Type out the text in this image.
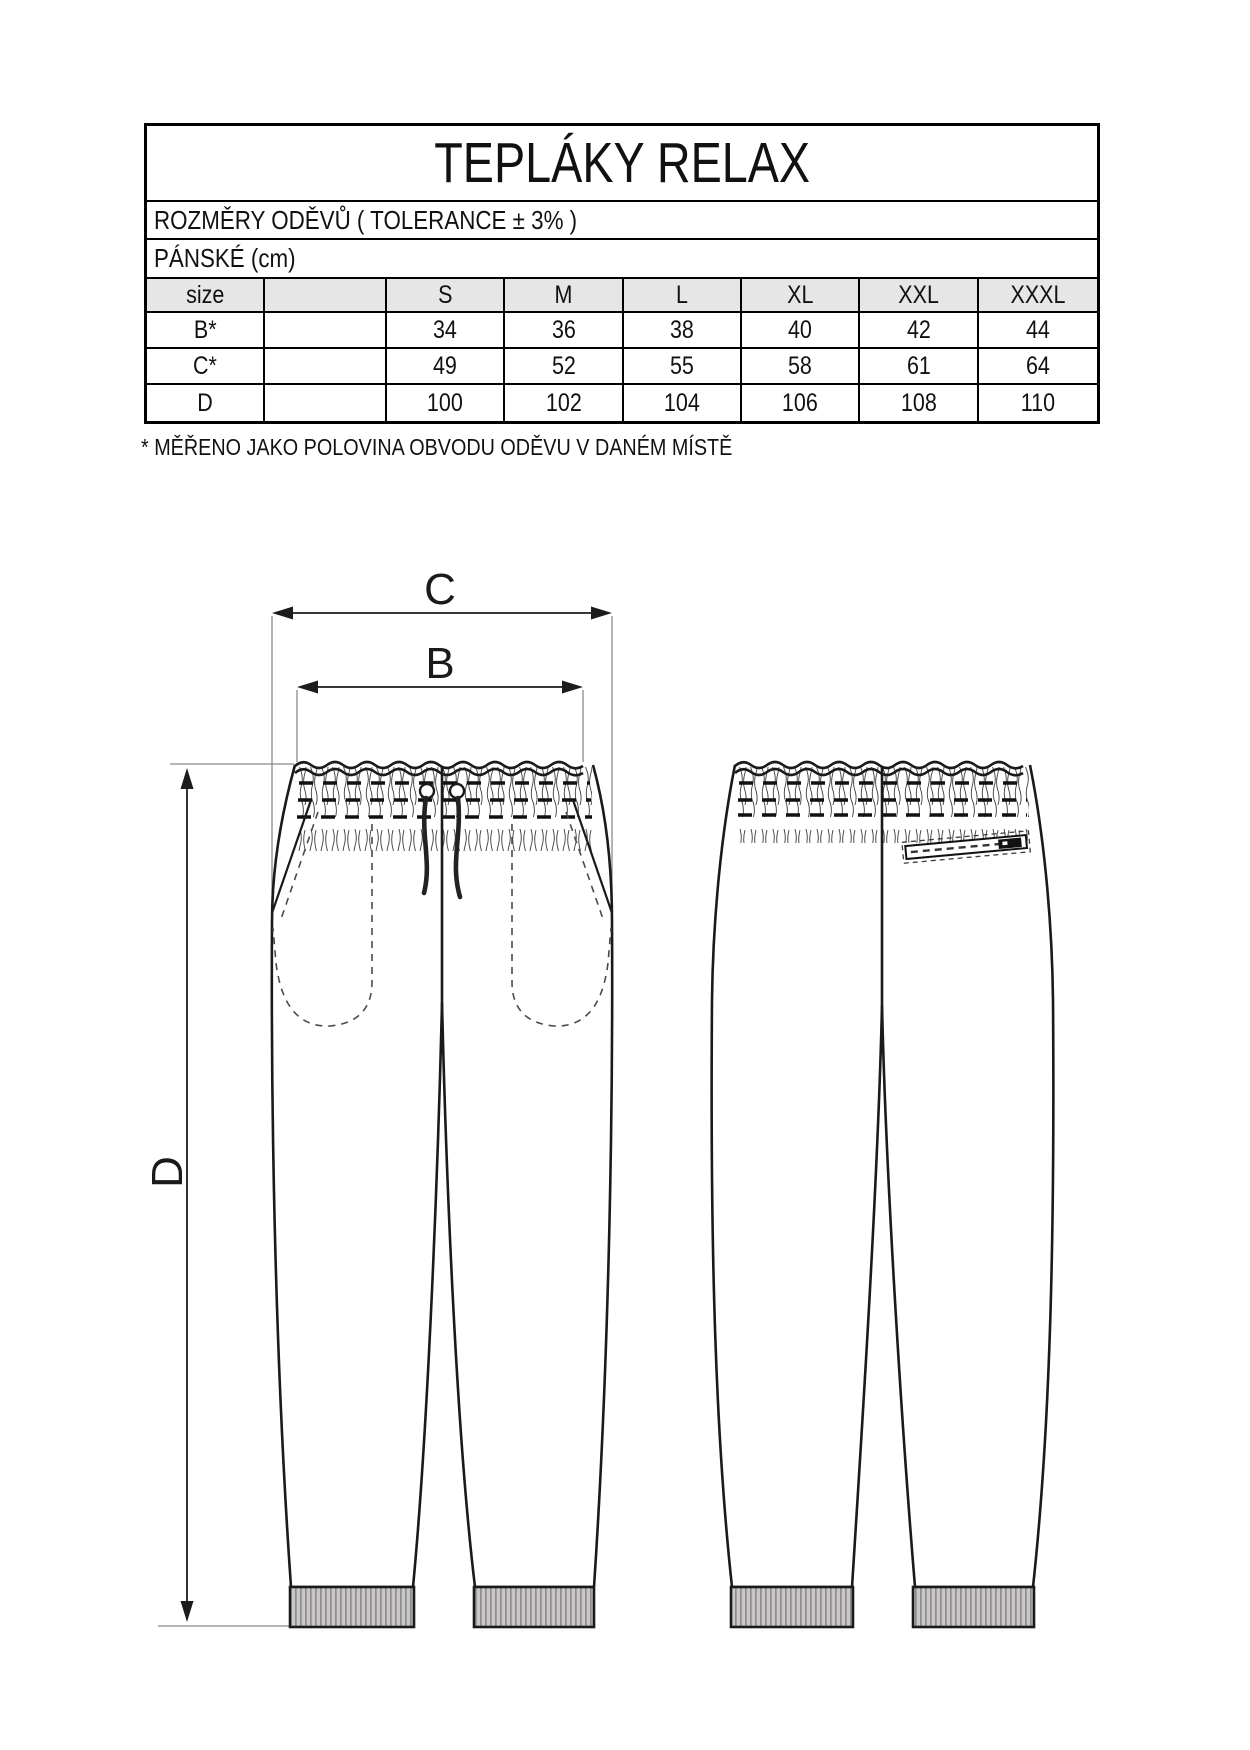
TEPLÁKY RELAX
ROZMĚRY ODĚVŮ ( TOLERANCE ± 3% )
PÁNSKÉ (cm)
size	S	M	L	XL	XXL	XXXL
B*	34	36	38	40	42	44
C*	49	52	55	58	61	64
D	100	102	104	106	108	110
* MĚŘENO JAKO POLOVINA OBVODU ODĚVU V DANÉM MÍSTĚ
C
B
D
